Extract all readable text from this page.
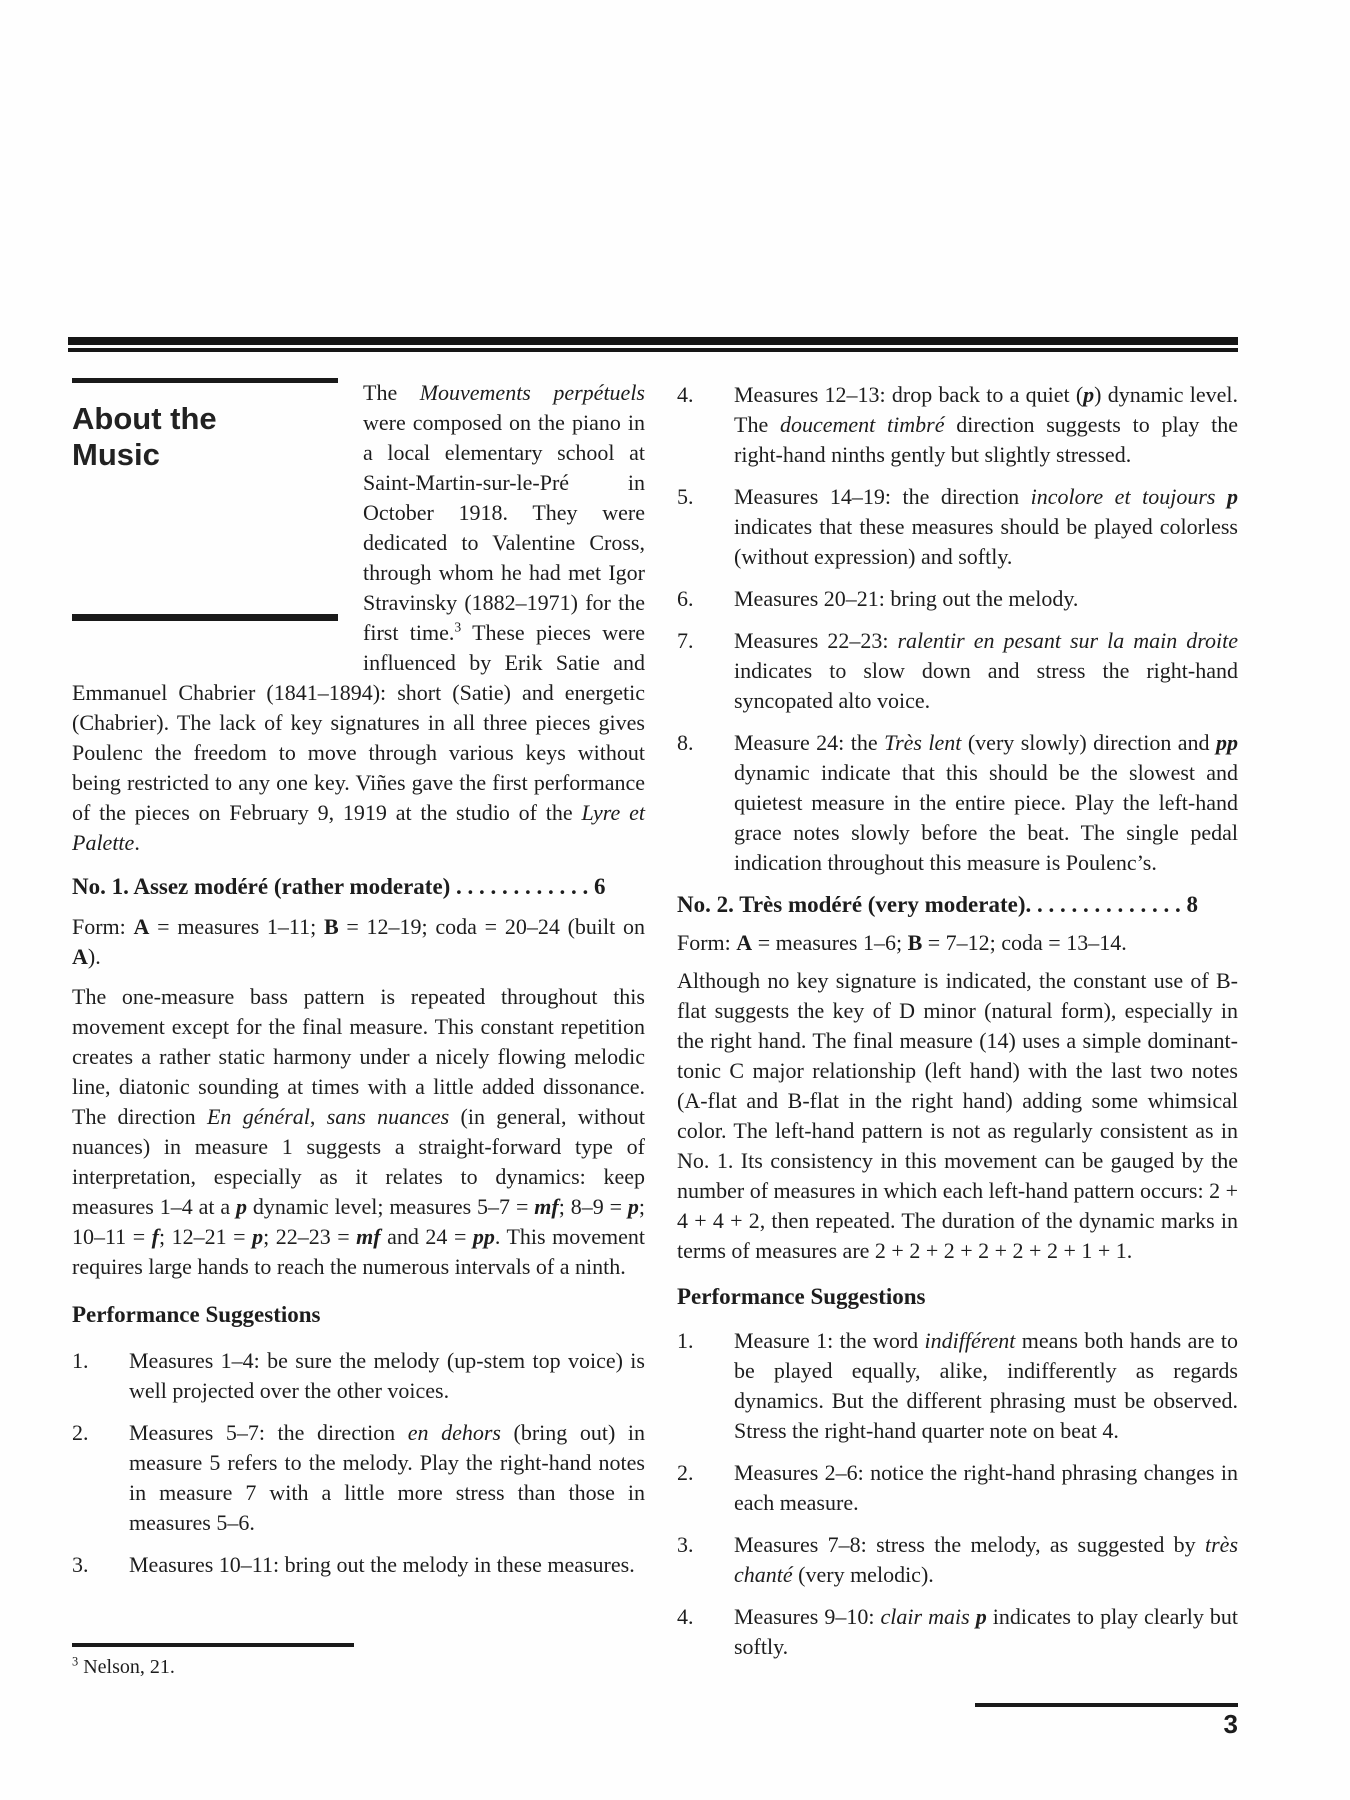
About the
Music

The Mouvements perpétuels were composed on the piano in a local elementary school at Saint-Martin-sur-le-Pré in October 1918. They were dedicated to Valentine Cross, through whom he had met Igor Stravinsky (1882–1971) for the first time.$^3$ These pieces were influenced by Erik Satie and Emmanuel Chabrier (1841–1894): short (Satie) and energetic (Chabrier). The lack of key signatures in all three pieces gives Poulenc the freedom to move through various keys without being restricted to any one key. Viñes gave the first performance of the pieces on February 9, 1919 at the studio of the Lyre et Palette.

No. 1. Assez modéré (rather moderate) . . . . . . . . . . . . 6

Form: A = measures 1–11; B = 12–19; coda = 20–24 (built on A).

The one-measure bass pattern is repeated throughout this movement except for the final measure. This constant repetition creates a rather static harmony under a nicely flowing melodic line, diatonic sounding at times with a little added dissonance. The direction En général, sans nuances (in general, without nuances) in measure 1 suggests a straight-forward type of interpretation, especially as it relates to dynamics: keep measures 1–4 at a p dynamic level; measures 5–7 = mf; 8–9 = p; 10–11 = f; 12–21 = p; 22–23 = mf and 24 = pp. This movement requires large hands to reach the numerous intervals of a ninth.

Performance Suggestions
1. Measures 1–4: be sure the melody (up-stem top voice) is well projected over the other voices.
2. Measures 5–7: the direction en dehors (bring out) in measure 5 refers to the melody. Play the right-hand notes in measure 7 with a little more stress than those in measures 5–6.
3. Measures 10–11: bring out the melody in these measures.
4. Measures 12–13: drop back to a quiet (p) dynamic level. The doucement timbré direction suggests to play the right-hand ninths gently but slightly stressed.
5. Measures 14–19: the direction incolore et toujours p indicates that these measures should be played colorless (without expression) and softly.
6. Measures 20–21: bring out the melody.
7. Measures 22–23: ralentir en pesant sur la main droite indicates to slow down and stress the right-hand syncopated alto voice.
8. Measure 24: the Très lent (very slowly) direction and pp dynamic indicate that this should be the slowest and quietest measure in the entire piece. Play the left-hand grace notes slowly before the beat. The single pedal indication throughout this measure is Poulenc’s.
No. 2. Très modéré (very moderate). . . . . . . . . . . . . . 8

Form: A = measures 1–6; B = 7–12; coda = 13–14.

Although no key signature is indicated, the constant use of B-flat suggests the key of D minor (natural form), especially in the right hand. The final measure (14) uses a simple dominant-tonic C major relationship (left hand) with the last two notes (A-flat and B-flat in the right hand) adding some whimsical color. The left-hand pattern is not as regularly consistent as in No. 1. Its consistency in this movement can be gauged by the number of measures in which each left-hand pattern occurs: 2 + 4 + 4 + 2, then repeated. The duration of the dynamic marks in terms of measures are 2 + 2 + 2 + 2 + 2 + 2 + 1 + 1.

Performance Suggestions
1. Measure 1: the word indifférent means both hands are to be played equally, alike, indifferently as regards dynamics. But the different phrasing must be observed. Stress the right-hand quarter note on beat 4.
2. Measures 2–6: notice the right-hand phrasing changes in each measure.
3. Measures 7–8: stress the melody, as suggested by très chanté (very melodic).
4. Measures 9–10: clair mais p indicates to play clearly but softly.

$^3$ Nelson, 21.

3
